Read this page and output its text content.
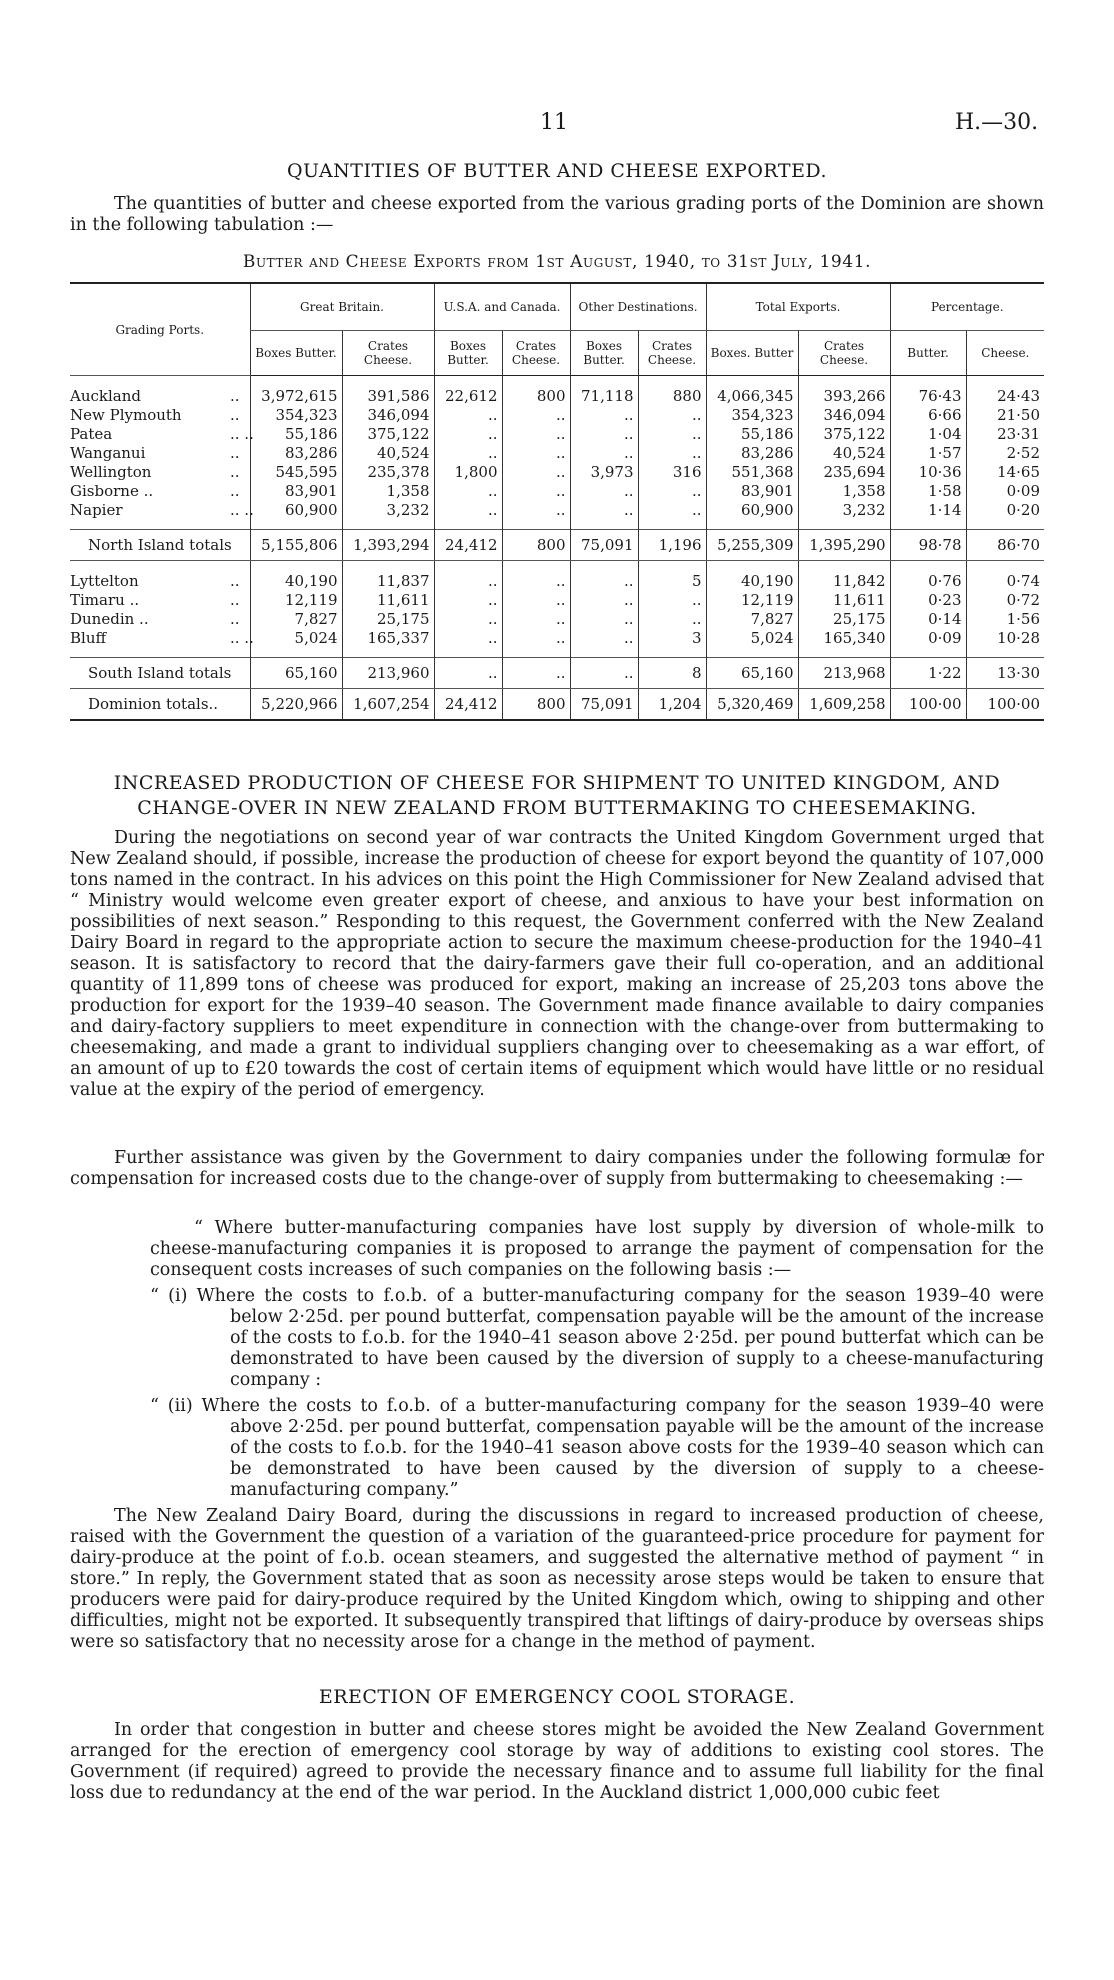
11	H.—30.
QUANTITIES OF BUTTER AND CHEESE EXPORTED.

The quantities of butter and cheese exported from the various grading ports of the Dominion are shown in the following tabulation :—

Butter and Cheese Exports from 1st August, 1940, to 31st July, 1941.
Grading Ports.	Great Britain.		U.S.A. and Canada.		Other Destinations.		Total Exports.		Percentage.	
	Boxes Butter.	Crates Cheese.	Boxes Butter.	Crates Cheese.	Boxes Butter.	Crates Cheese.	Boxes. Butter	Crates Cheese.	Butter.	Cheese.

Auckland ..	3,972,615	391,586	22,612	800	71,118	880	4,066,345	393,266	76·43	24·43
New Plymouth ..	354,323	346,094	..	..	..	..	354,323	346,094	6·66	21·50
Patea .. ..	55,186	375,122	..	..	..	..	55,186	375,122	1·04	23·31
Wanganui ..	83,286	40,524	..	..	..	..	83,286	40,524	1·57	2·52
Wellington ..	545,595	235,378	1,800	..	3,973	316	551,368	235,694	10·36	14·65
Gisborne .. ..	83,901	1,358	..	..	..	..	83,901	1,358	1·58	0·09
Napier .. ..	60,900	3,232	..	..	..	..	60,900	3,232	1·14	0·20

North Island totals	5,155,806	1,393,294	24,412	800	75,091	1,196	5,255,309	1,395,290	98·78	86·70

Lyttelton ..	40,190	11,837	..	..	..	5	40,190	11,842	0·76	0·74
Timaru .. ..	12,119	11,611	..	..	..	..	12,119	11,611	0·23	0·72
Dunedin .. ..	7,827	25,175	..	..	..	..	7,827	25,175	0·14	1·56
Bluff .. ..	5,024	165,337	..	..	..	3	5,024	165,340	0·09	10·28

South Island totals	65,160	213,960	..	..	..	8	65,160	213,968	1·22	13·30
Dominion totals..	5,220,966	1,607,254	24,412	800	75,091	1,204	5,320,469	1,609,258	100·00	100·00
INCREASED PRODUCTION OF CHEESE FOR SHIPMENT TO UNITED KINGDOM, AND
CHANGE-OVER IN NEW ZEALAND FROM BUTTERMAKING TO CHEESEMAKING.

During the negotiations on second year of war contracts the United Kingdom Government urged that New Zealand should, if possible, increase the production of cheese for export beyond the quantity of 107,000 tons named in the contract. In his advices on this point the High Commissioner for New Zealand advised that “ Ministry would welcome even greater export of cheese, and anxious to have your best information on possibilities of next season.” Responding to this request, the Government conferred with the New Zealand Dairy Board in regard to the appropriate action to secure the maximum cheese-production for the 1940–41 season. It is satisfactory to record that the dairy-farmers gave their full co-operation, and an additional quantity of 11,899 tons of cheese was produced for export, making an increase of 25,203 tons above the production for export for the 1939–40 season. The Government made finance available to dairy companies and dairy-factory suppliers to meet expenditure in connection with the change-over from buttermaking to cheesemaking, and made a grant to individual suppliers changing over to cheesemaking as a war effort, of an amount of up to £20 towards the cost of certain items of equipment which would have little or no residual value at the expiry of the period of emergency.

Further assistance was given by the Government to dairy companies under the following formulæ for compensation for increased costs due to the change-over of supply from buttermaking to cheesemaking :—

“ Where butter-manufacturing companies have lost supply by diversion of whole-milk to cheese-manufacturing companies it is proposed to arrange the payment of compensation for the consequent costs increases of such companies on the following basis :—

“ (i) Where the costs to f.o.b. of a butter-manufacturing company for the season 1939–40 were below 2·25d. per pound butterfat, compensation payable will be the amount of the increase of the costs to f.o.b. for the 1940–41 season above 2·25d. per pound butterfat which can be demonstrated to have been caused by the diversion of supply to a cheese-manufacturing company :

“ (ii) Where the costs to f.o.b. of a butter-manufacturing company for the season 1939–40 were above 2·25d. per pound butterfat, compensation payable will be the amount of the increase of the costs to f.o.b. for the 1940–41 season above costs for the 1939–40 season which can be demonstrated to have been caused by the diversion of supply to a cheese-manufacturing company.”

The New Zealand Dairy Board, during the discussions in regard to increased production of cheese, raised with the Government the question of a variation of the guaranteed-price procedure for payment for dairy-produce at the point of f.o.b. ocean steamers, and suggested the alternative method of payment “ in store.” In reply, the Government stated that as soon as necessity arose steps would be taken to ensure that producers were paid for dairy-produce required by the United Kingdom which, owing to shipping and other difficulties, might not be exported. It subsequently transpired that liftings of dairy-produce by overseas ships were so satisfactory that no necessity arose for a change in the method of payment.

ERECTION OF EMERGENCY COOL STORAGE.

In order that congestion in butter and cheese stores might be avoided the New Zealand Government arranged for the erection of emergency cool storage by way of additions to existing cool stores. The Government (if required) agreed to provide the necessary finance and to assume full liability for the final loss due to redundancy at the end of the war period. In the Auckland district 1,000,000 cubic feet
